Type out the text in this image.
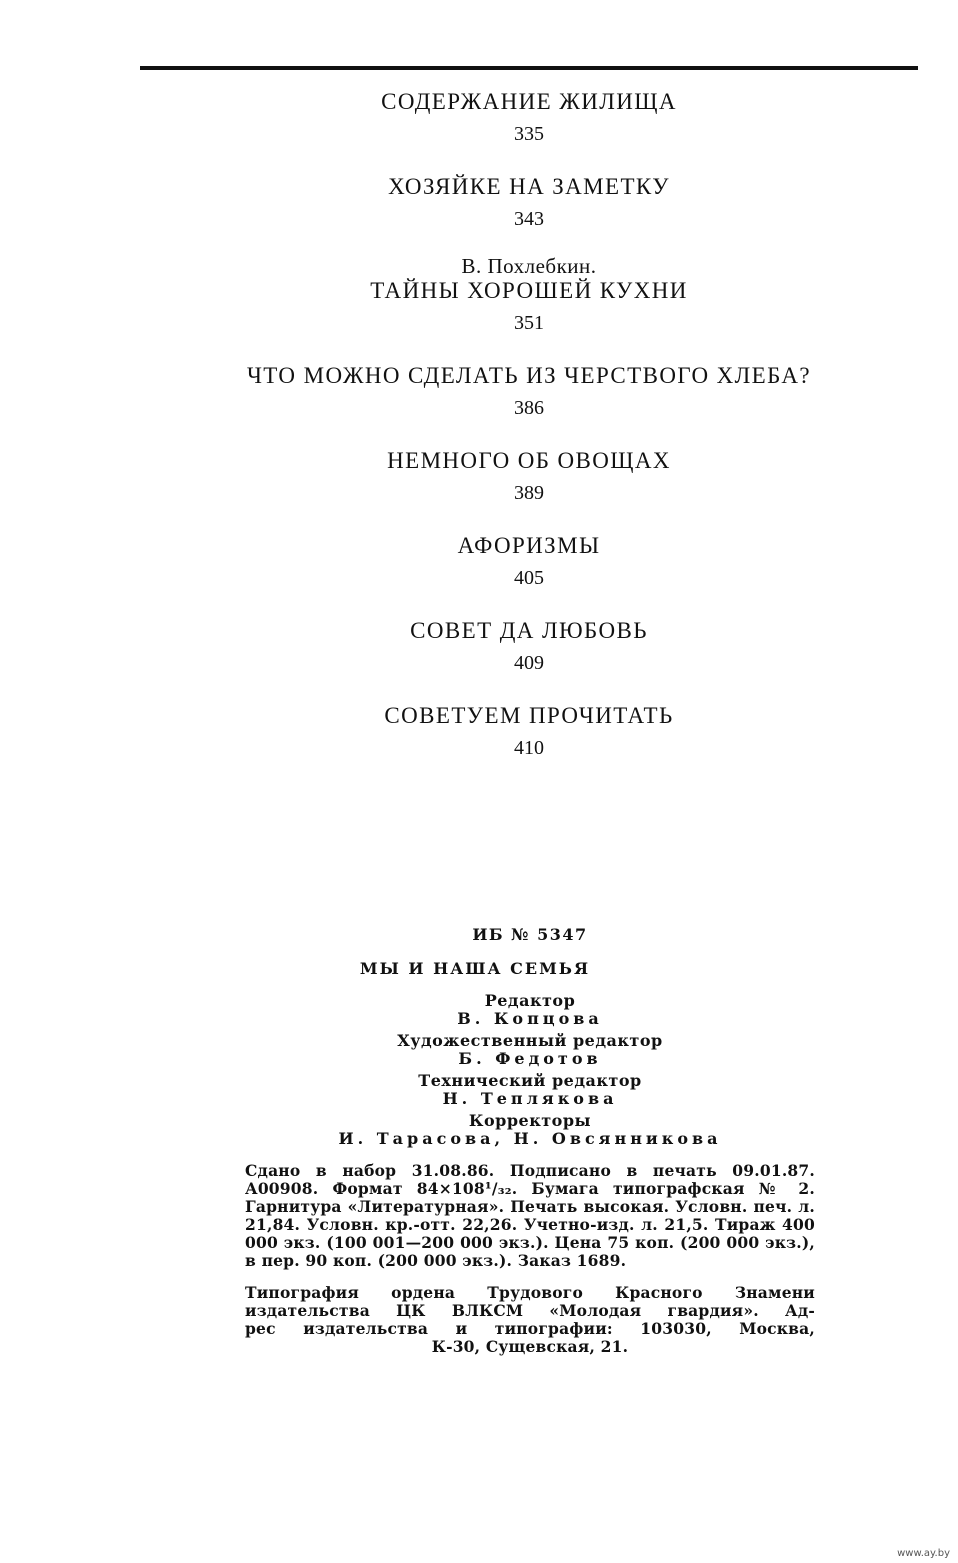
СОДЕРЖАНИЕ ЖИЛИЩА
335
ХОЗЯЙКЕ НА ЗАМЕТКУ
343
В. Похлебкин.
ТАЙНЫ ХОРОШЕЙ КУХНИ
351
ЧТО МОЖНО СДЕЛАТЬ ИЗ ЧЕРСТВОГО ХЛЕБА?
386
НЕМНОГО ОБ ОВОЩАХ
389
АФОРИЗМЫ
405
СОВЕТ ДА ЛЮБОВЬ
409
СОВЕТУЕМ ПРОЧИТАТЬ
410
ИБ № 5347
МЫ И НАША СЕМЬЯ
Редактор
В. Копцова
Художественный редактор
Б. Федотов
Технический редактор
Н. Теплякова
Корректоры
И. Тарасова, Н. Овсянникова
Сдано в набор 31.08.86. Подписано в печать 09.01.87. А00908. Формат 84×108¹/₃₂. Бумага типографская № 2. Гарнитура «Литературная». Печать высокая. Условн. печ. л. 21,84. Условн. кр.-отт. 22,26. Учетно-изд. л. 21,5. Тираж 400 000 экз. (100 001—200 000 экз.). Цена 75 коп. (200 000 экз.), в пер. 90 коп. (200 000 экз.). Заказ 1689.

Типография ордена Трудового Красного Знамени

издательства ЦК ВЛКСМ «Молодая гвардия». Ад-

рес издательства и типографии: 103030, Москва,

К-30, Сущевская, 21.

www.ay.by
